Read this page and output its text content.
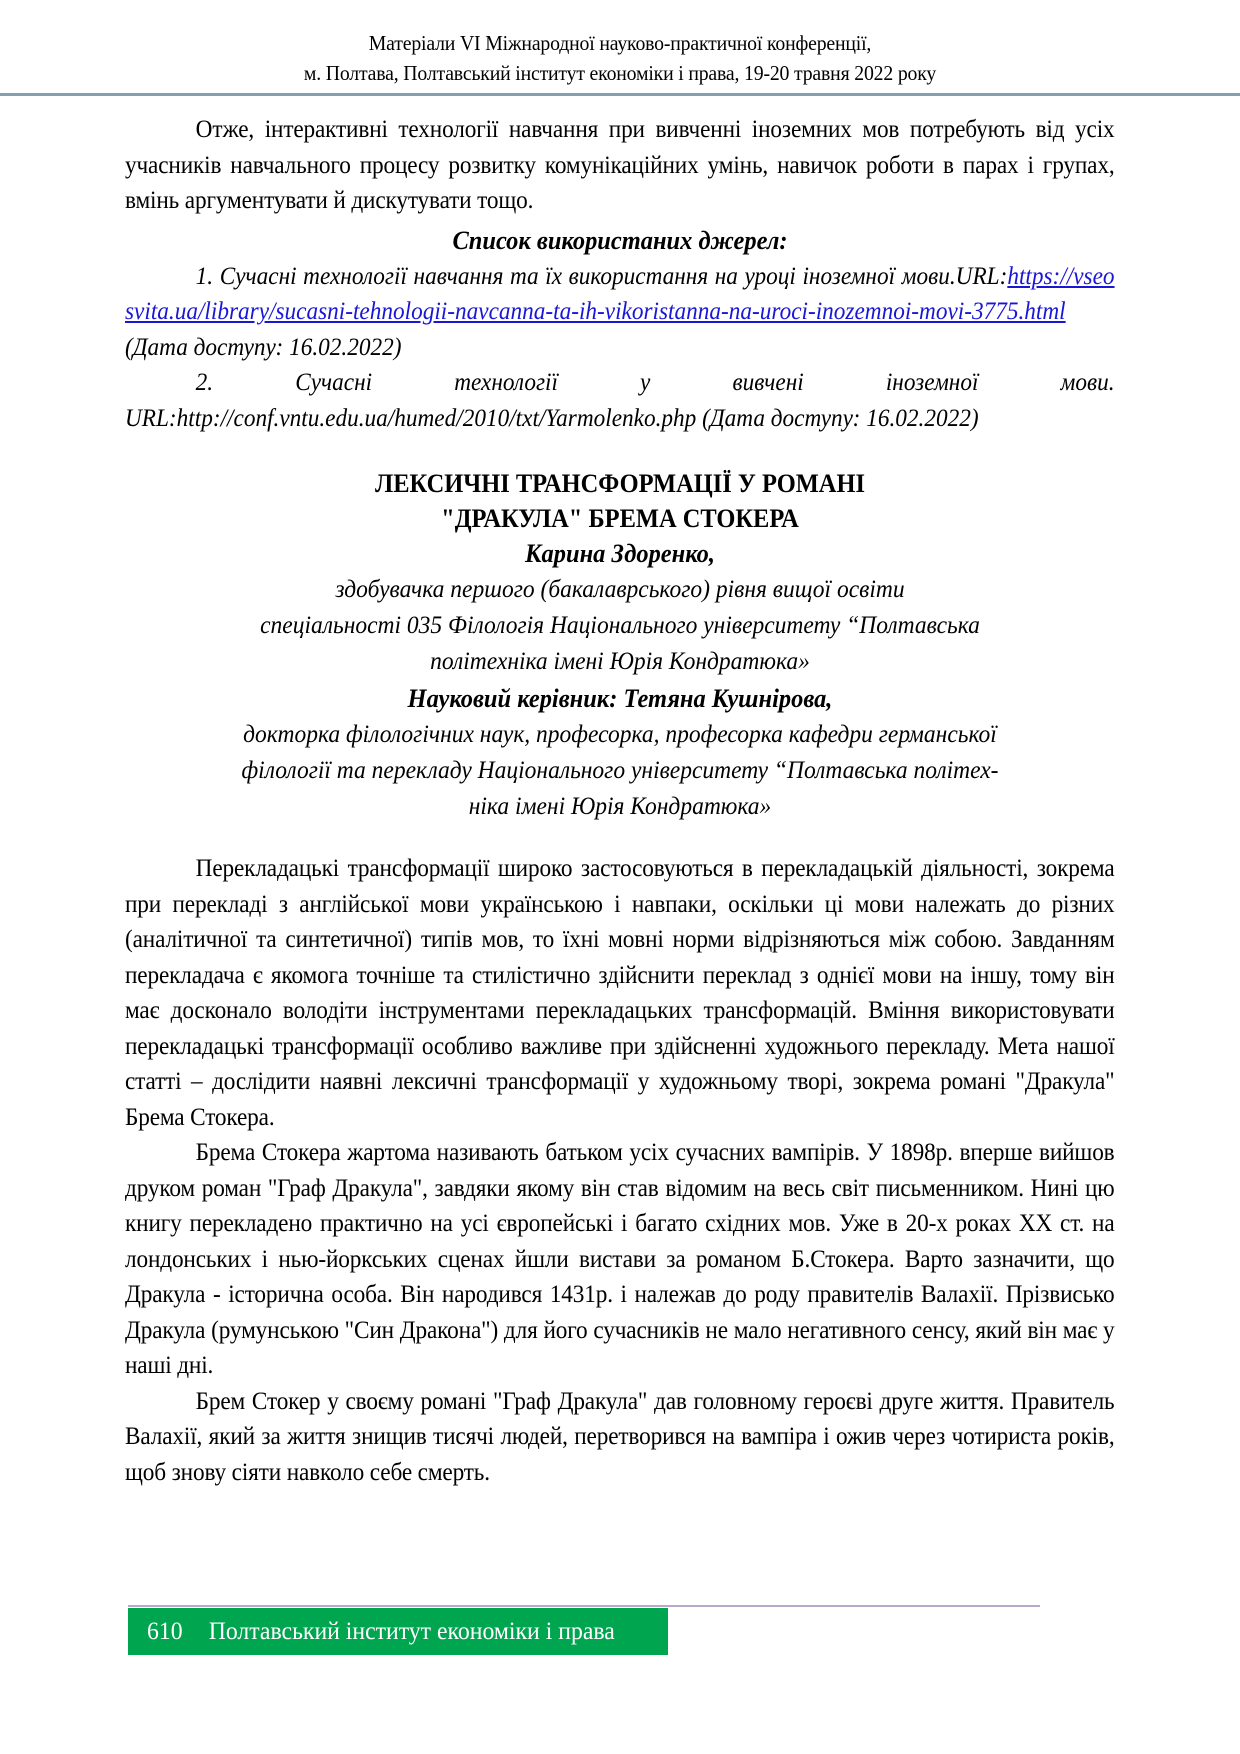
Матеріали VI Міжнародної науково-практичної конференції,
м. Полтава, Полтавський інститут економіки і права, 19-20 травня 2022 року

Отже, інтерактивні технології навчання при вивченні іноземних мов потребують від усіх учасників навчального процесу розвитку комунікаційних умінь, навичок роботи в парах і групах, вмінь аргументувати й дискутувати тощо.

Список використаних джерел:

1. Сучасні технології навчання та їх використання на уроці іноземної мови.URL:https://vseosvita.ua/library/sucasni-tehnologii-navcanna-ta-ih-vikoristanna-na-uroci-inozemnoi-movi-3775.html (Дата доступу: 16.02.2022)

2. Сучасні технології у вивчені іноземної мови. URL:http://conf.vntu.edu.ua/humed/2010/txt/Yarmolenko.php (Дата доступу: 16.02.2022)

ЛЕКСИЧНІ ТРАНСФОРМАЦІЇ У РОМАНІ
"ДРАКУЛА" БРЕМА СТОКЕРА
Карина Здоренко,
здобувачка першого (бакалаврського) рівня вищої освіти
спеціальності 035 Філологія Національного університету “Полтавська
політехніка імені Юрія Кондратюка»
Науковий керівник: Тетяна Кушнірова,
докторка філологічних наук, професорка, професорка кафедри германської
філології та перекладу Національного університету “Полтавська політех-
ніка імені Юрія Кондратюка»

Перекладацькі трансформації широко застосовуються в перекладацькій діяльності, зокрема при перекладі з англійської мови українською і навпаки, оскільки ці мови належать до різних (аналітичної та синтетичної) типів мов, то їхні мовні норми відрізняються між собою. Завданням перекладача є якомога точніше та стилістично здійснити переклад з однієї мови на іншу, тому він має досконало володіти інструментами перекладацьких трансформацій. Вміння використовувати перекладацькі трансформації особливо важливе при здійсненні художнього перекладу. Мета нашої статті – дослідити наявні лексичні трансформації у художньому творі, зокрема романі "Дракула" Брема Стокера.

Брема Стокера жартома називають батьком усіх сучасних вампірів. У 1898р. вперше вийшов друком роман "Граф Дракула", завдяки якому він став відомим на весь світ письменником. Нині цю книгу перекладено практично на усі європейські і багато східних мов. Уже в 20-х роках XX ст. на лондонських і нью-йоркських сценах йшли вистави за романом Б.Стокера. Варто зазначити, що Дракула - історична особа. Він народився 1431р. і належав до роду правителів Валахії. Прізвисько Дракула (румунською "Син Дракона") для його сучасників не мало негативного сенсу, який він має у наші дні.

Брем Стокер у своєму романі "Граф Дракула" дав головному героєві друге життя. Правитель Валахії, який за життя знищив тисячі людей, перетворився на вампіра і ожив через чотириста років, щоб знову сіяти навколо себе смерть.

610 Полтавський інститут економіки і права
